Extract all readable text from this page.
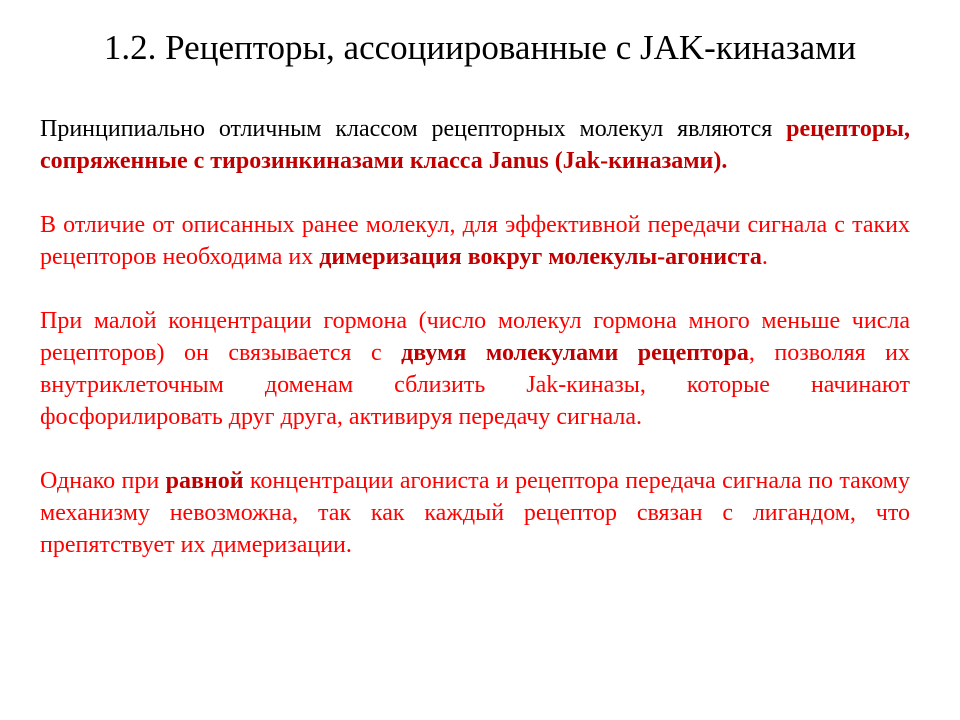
1.2. Рецепторы, ассоциированные с JAK-киназами

Принципиально отличным классом рецепторных молекул являются рецепторы, сопряженные с тирозинкиназами класса Janus (Jak-киназами).

В отличие от описанных ранее молекул, для эффективной передачи сигнала с таких рецепторов необходима их димеризация вокруг молекулы-агониста.

При малой концентрации гормона (число молекул гормона много меньше числа рецепторов) он связывается с двумя молекулами рецептора, позволяя их внутриклеточным доменам сблизить Jak-киназы, которые начинают фосфорилировать друг друга, активируя передачу сигнала.

Однако при равной концентрации агониста и рецептора передача сигнала по такому механизму невозможна, так как каждый рецептор связан с лигандом, что препятствует их димеризации.
